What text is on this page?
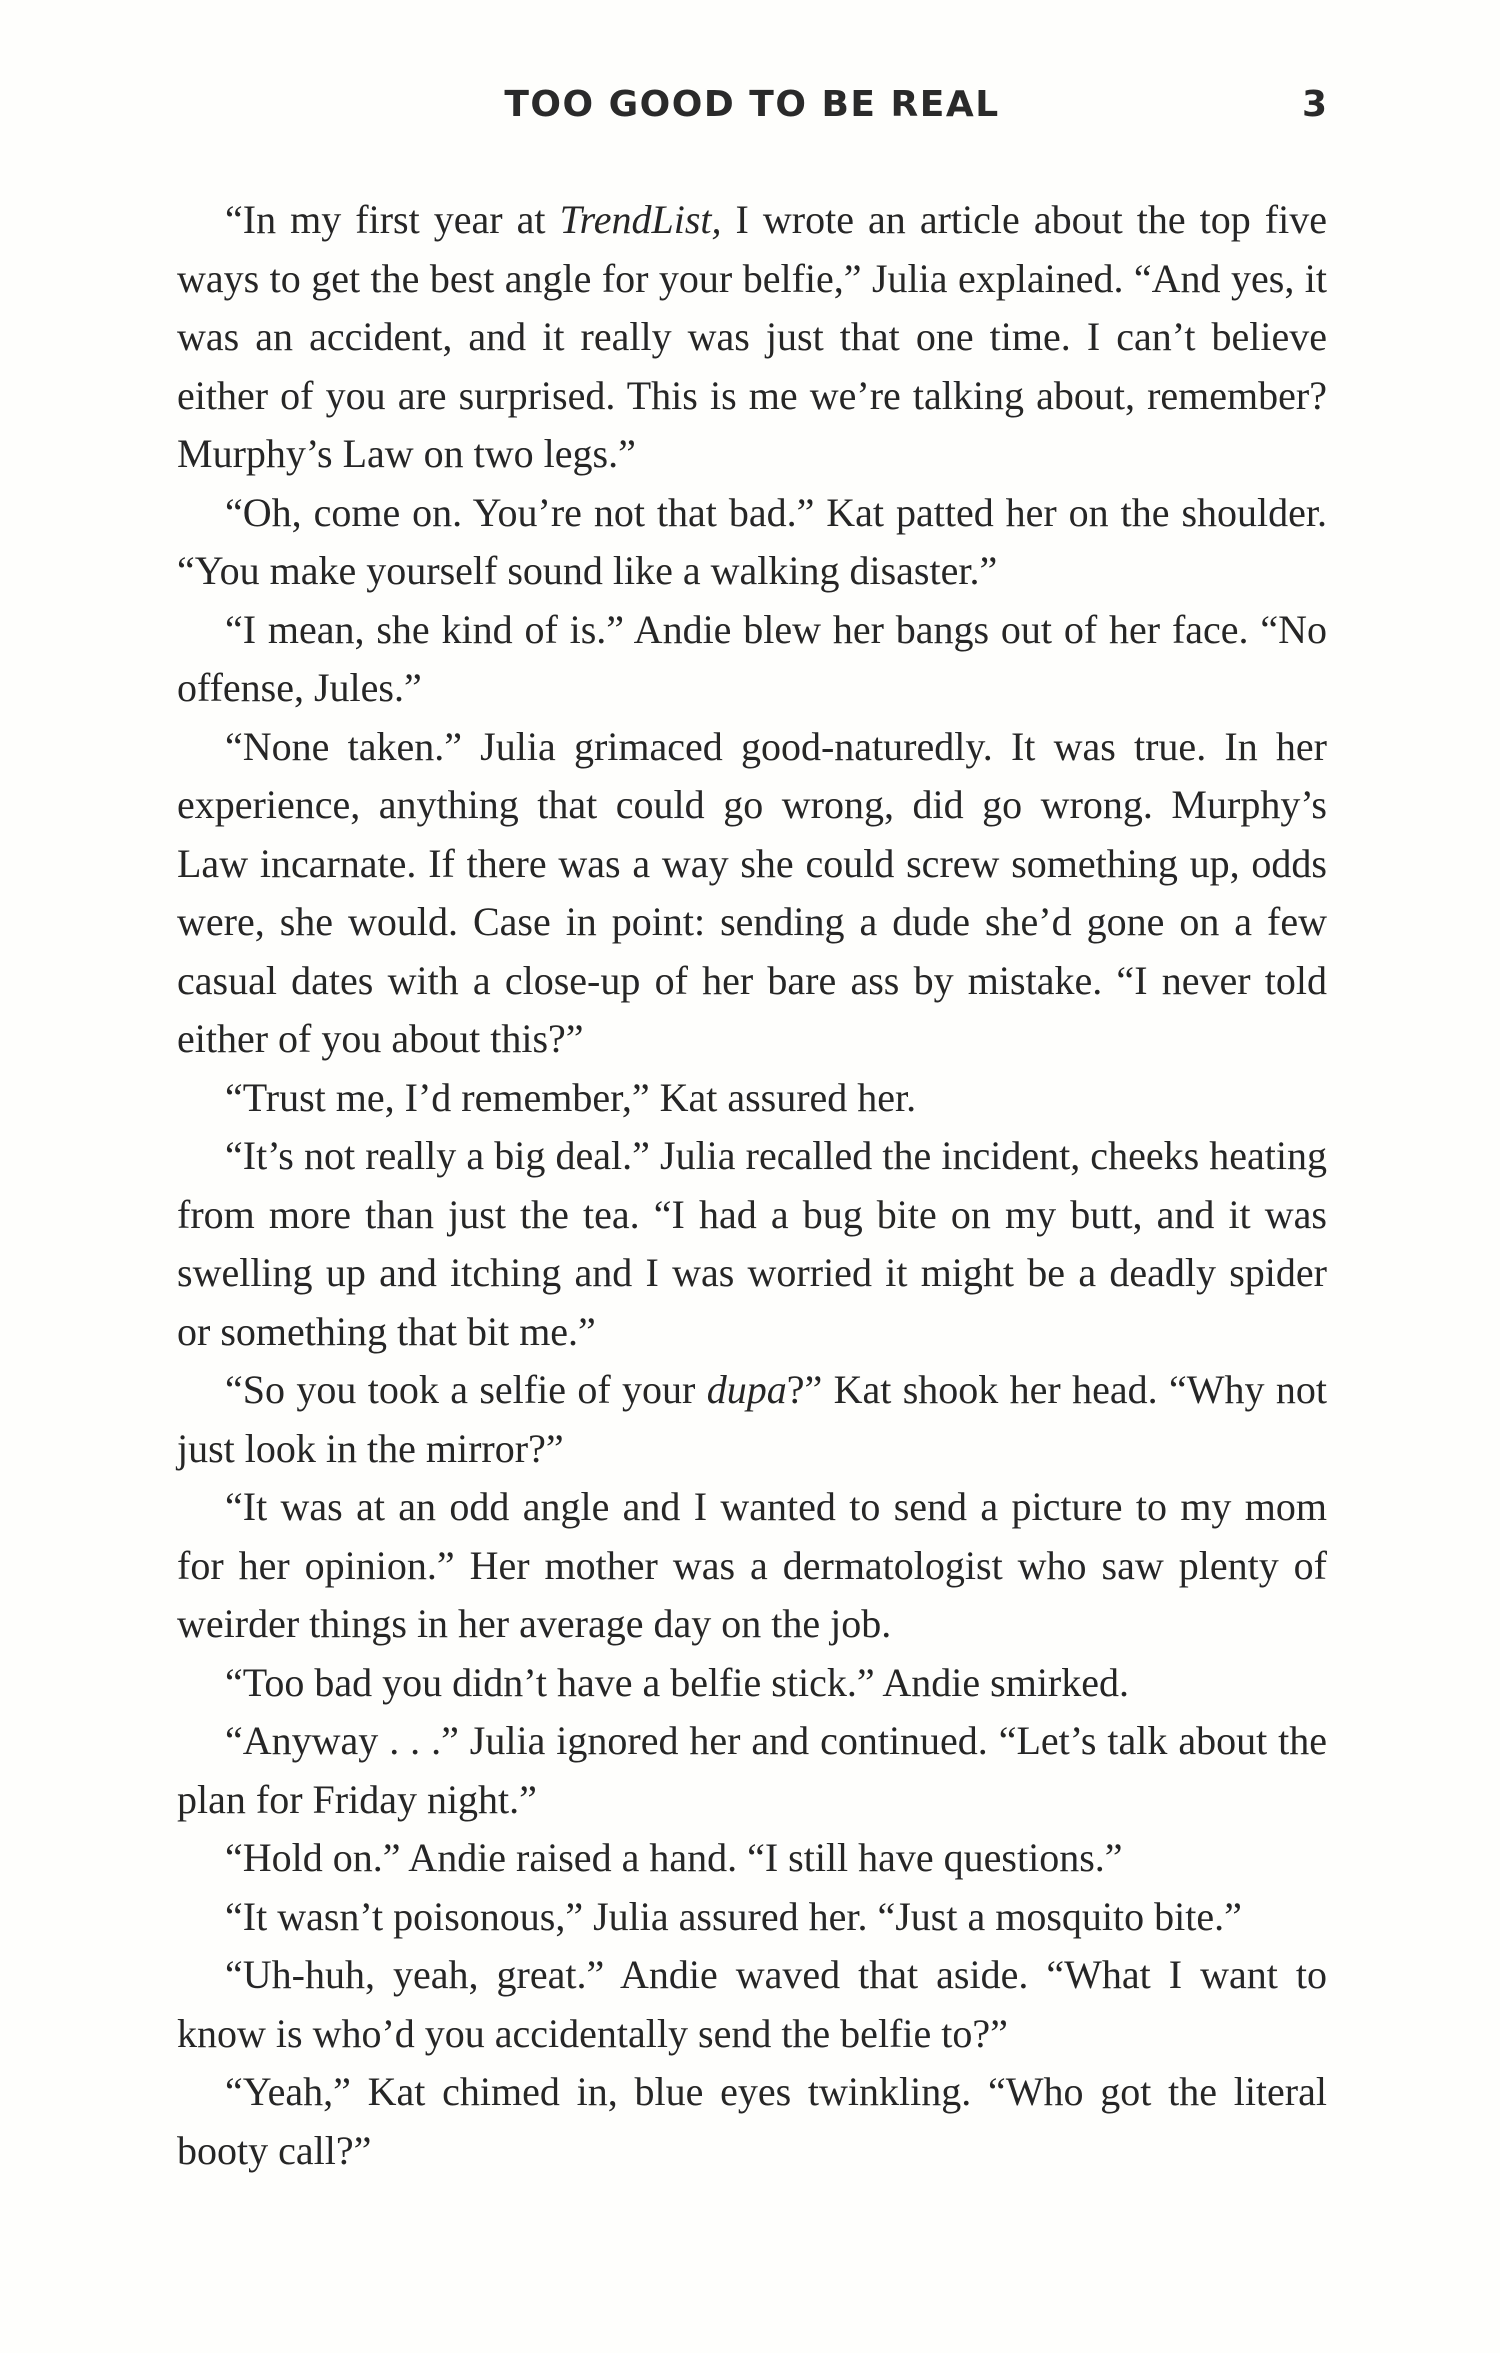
TOO GOOD TO BE REAL	3

“In my first year at TrendList, I wrote an article about the top five ways to get the best angle for your belfie,” Julia explained. “And yes, it was an accident, and it really was just that one time. I can’t believe either of you are surprised. This is me we’re talking about, remember? Murphy’s Law on two legs.”

“Oh, come on. You’re not that bad.” Kat patted her on the shoulder. “You make yourself sound like a walking disaster.”

“I mean, she kind of is.” Andie blew her bangs out of her face. “No offense, Jules.”

“None taken.” Julia grimaced good-naturedly. It was true. In her experience, anything that could go wrong, did go wrong. Murphy’s Law incarnate. If there was a way she could screw something up, odds were, she would. Case in point: sending a dude she’d gone on a few casual dates with a close-up of her bare ass by mistake. “I never told either of you about this?”

“Trust me, I’d remember,” Kat assured her.

“It’s not really a big deal.” Julia recalled the incident, cheeks heating from more than just the tea. “I had a bug bite on my butt, and it was swelling up and itching and I was worried it might be a deadly spider or something that bit me.”

“So you took a selfie of your dupa?” Kat shook her head. “Why not just look in the mirror?”

“It was at an odd angle and I wanted to send a picture to my mom for her opinion.” Her mother was a dermatologist who saw plenty of weirder things in her average day on the job.

“Too bad you didn’t have a belfie stick.” Andie smirked.

“Anyway . . .” Julia ignored her and continued. “Let’s talk about the plan for Friday night.”

“Hold on.” Andie raised a hand. “I still have questions.”

“It wasn’t poisonous,” Julia assured her. “Just a mosquito bite.”

“Uh-huh, yeah, great.” Andie waved that aside. “What I want to know is who’d you accidentally send the belfie to?”

“Yeah,” Kat chimed in, blue eyes twinkling. “Who got the literal booty call?”
